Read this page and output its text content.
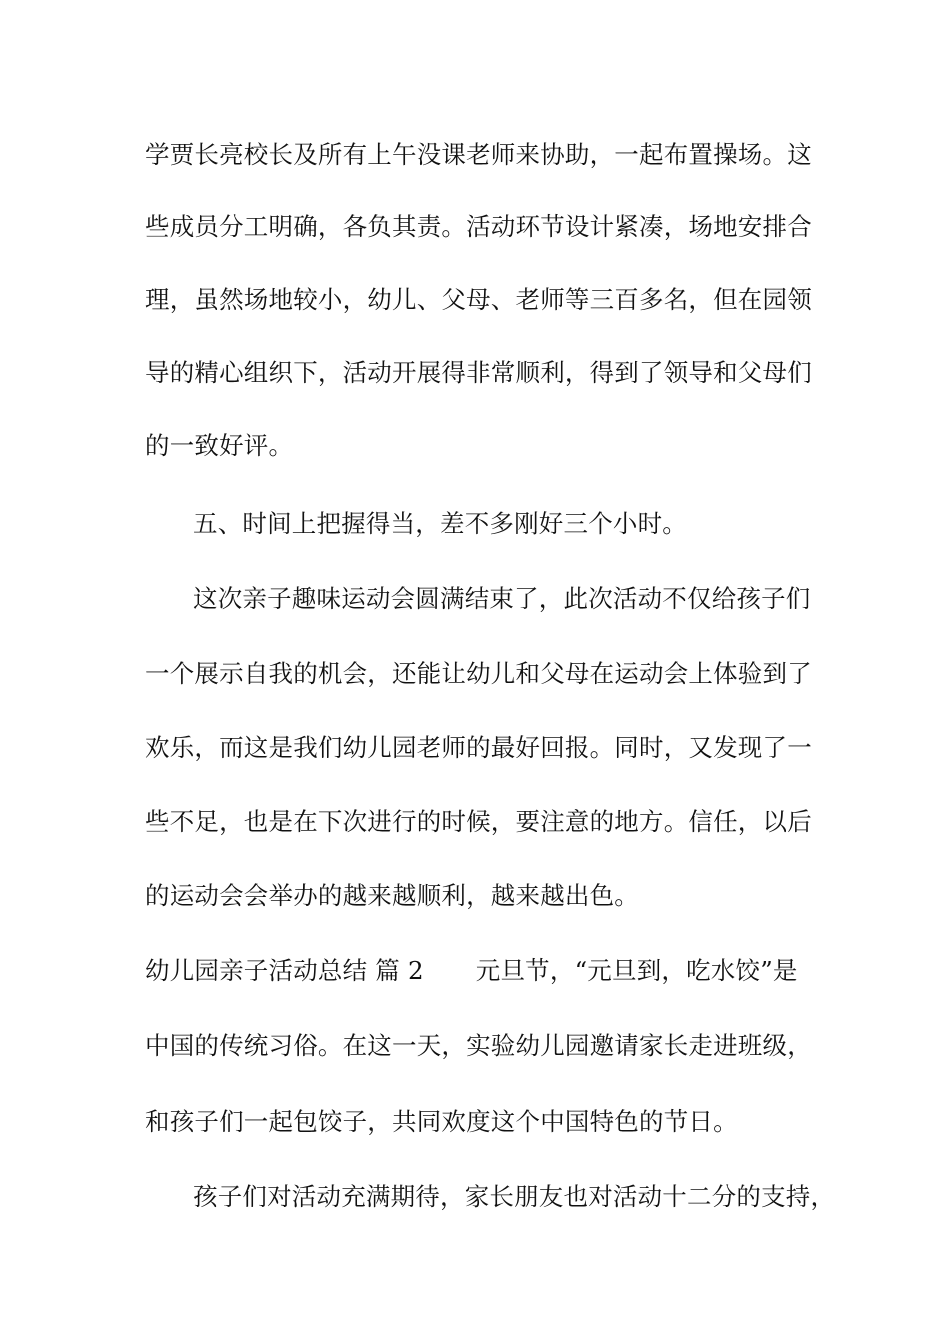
学贾长亮校长及所有上午没课老师来协助，一起布置操场。这

些成员分工明确，各负其责。活动环节设计紧凑，场地安排合

理，虽然场地较小，幼儿、父母、老师等三百多名，但在园领

导的精心组织下，活动开展得非常顺利，得到了领导和父母们

的一致好评。

五、时间上把握得当，差不多刚好三个小时。

这次亲子趣味运动会圆满结束了，此次活动不仅给孩子们

一个展示自我的机会，还能让幼儿和父母在运动会上体验到了

欢乐，而这是我们幼儿园老师的最好回报。同时，又发现了一

些不足，也是在下次进行的时候，要注意的地方。信任，以后

的运动会会举办的越来越顺利，越来越出色。

幼儿园亲子活动总结 篇 2 元旦节，“元旦到，吃水饺”是

中国的传统习俗。在这一天，实验幼儿园邀请家长走进班级，

和孩子们一起包饺子，共同欢度这个中国特色的节日。

孩子们对活动充满期待，家长朋友也对活动十二分的支持，
